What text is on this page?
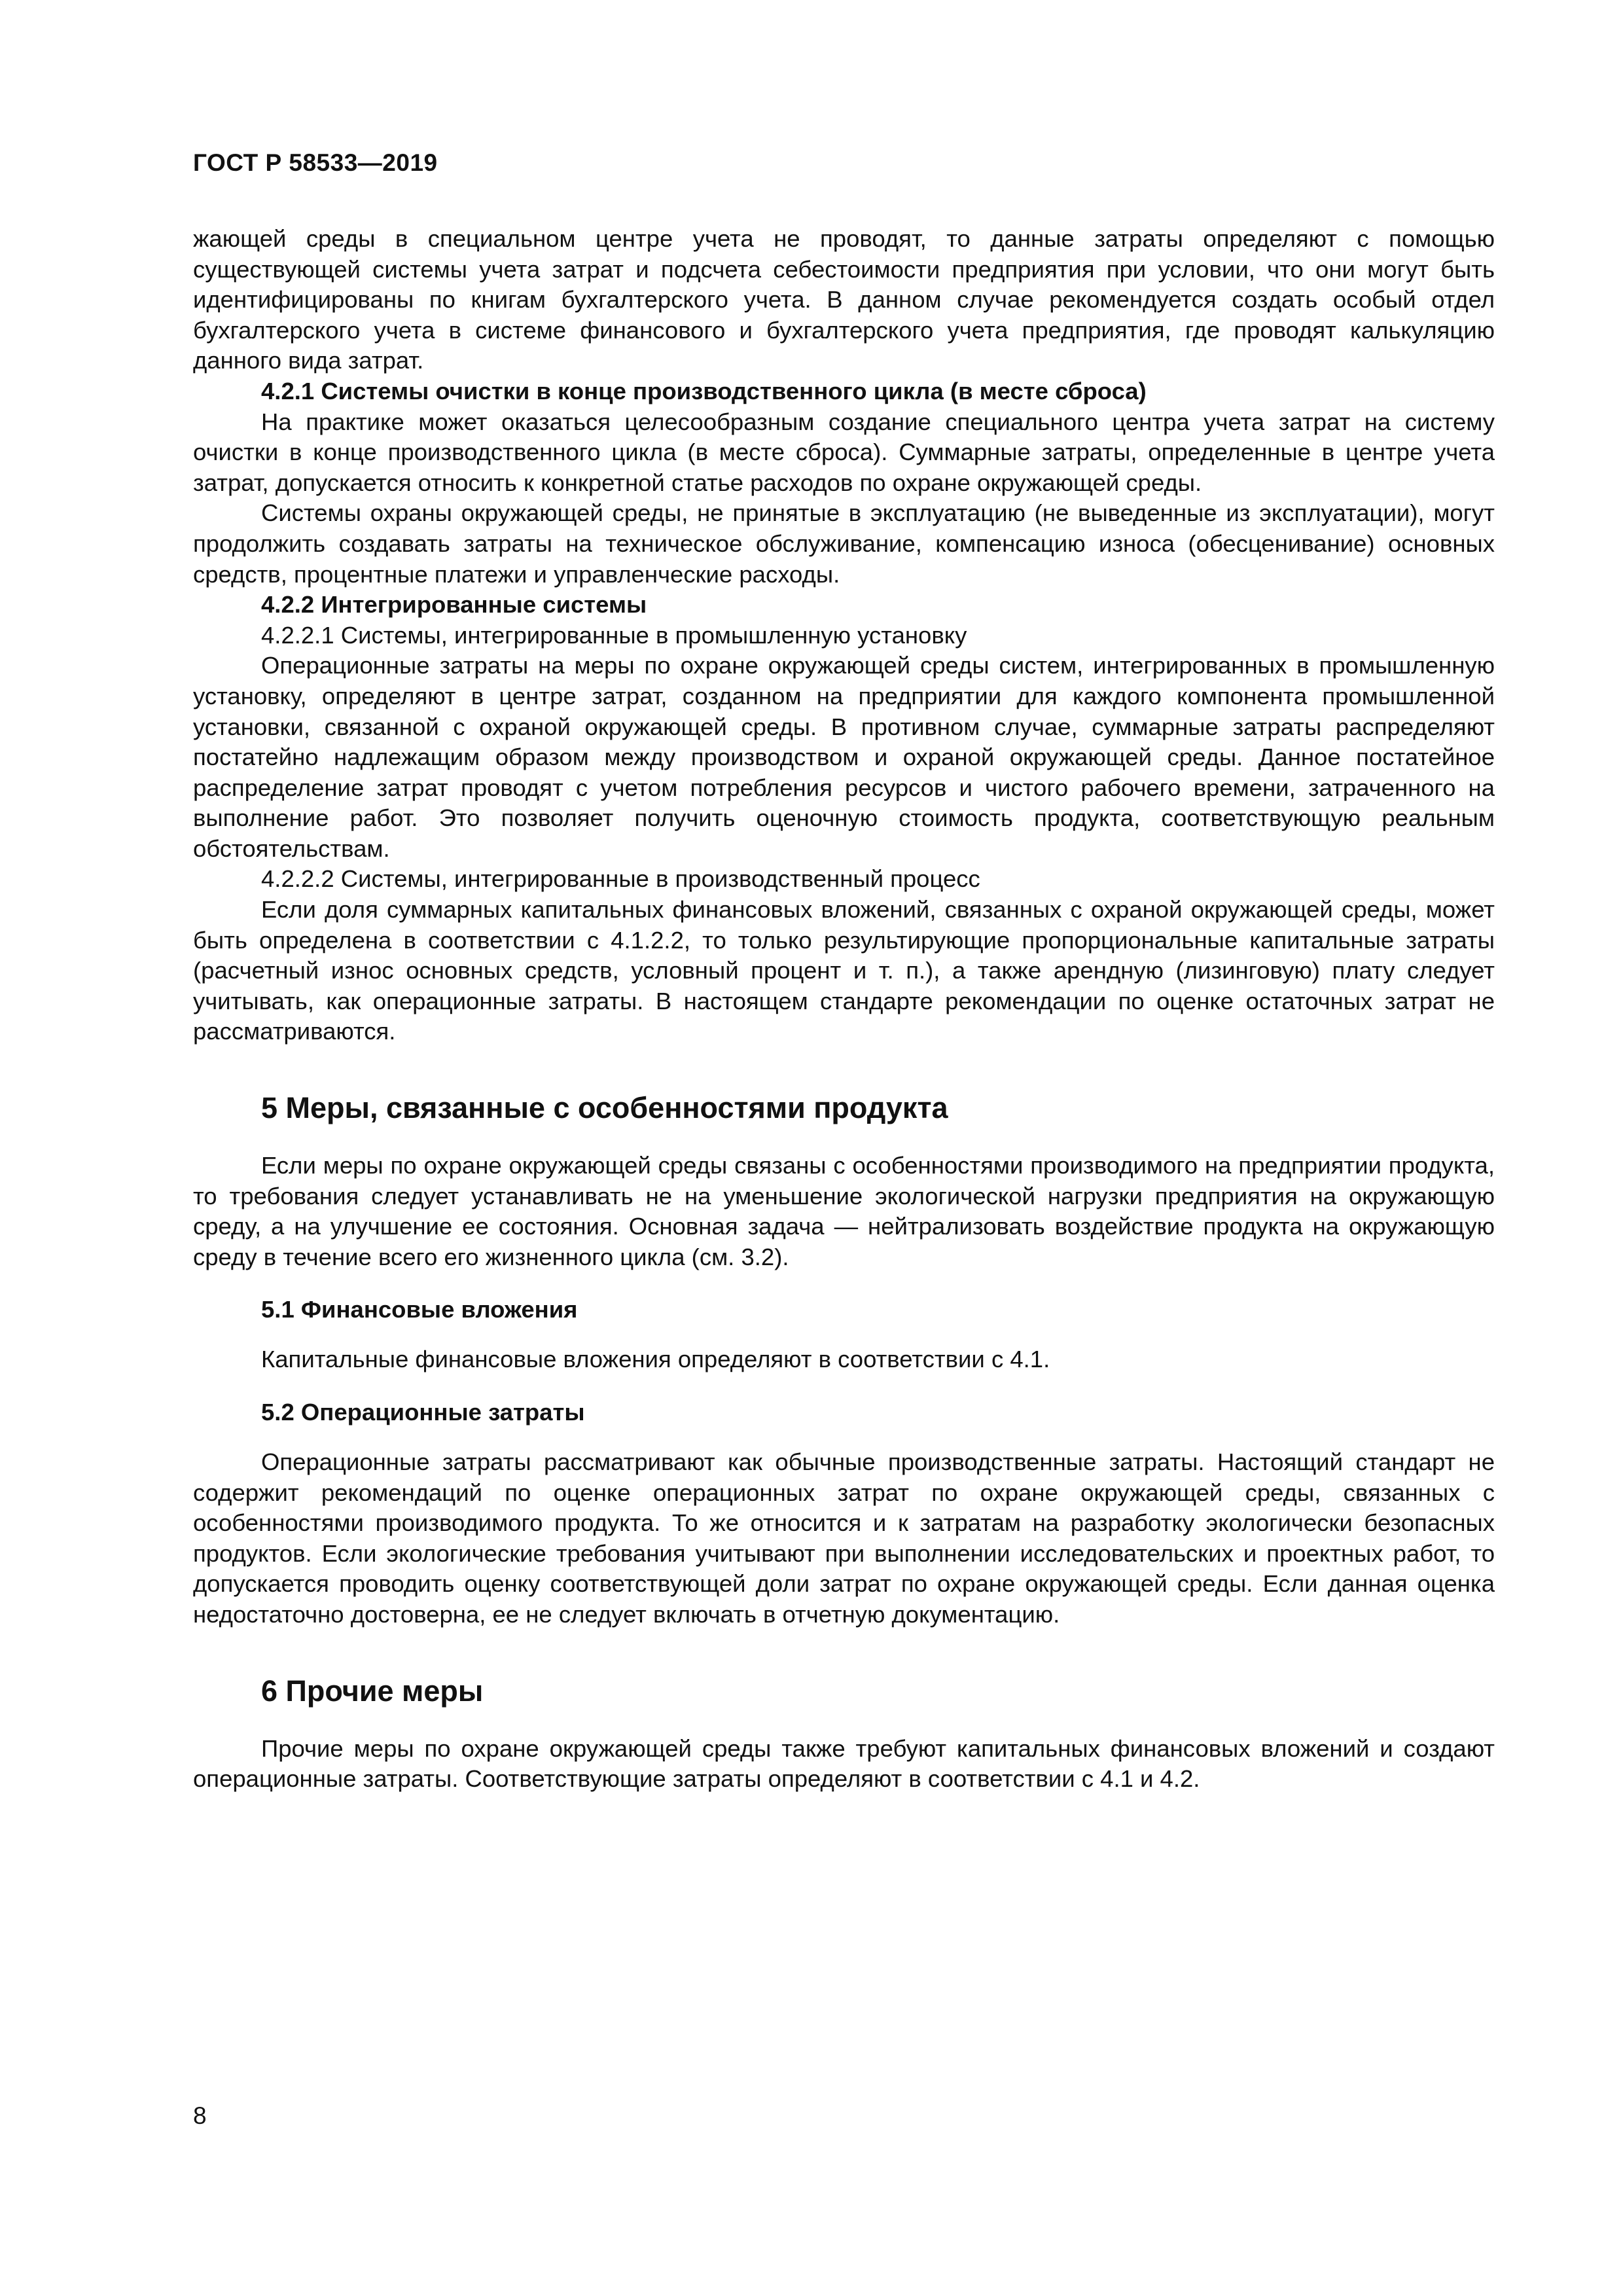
ГОСТ Р 58533—2019

жающей среды в специальном центре учета не проводят, то данные затраты определяют с помощью существующей системы учета затрат и подсчета себестоимости предприятия при условии, что они могут быть идентифицированы по книгам бухгалтерского учета. В данном случае рекомендуется создать особый отдел бухгалтерского учета в системе финансового и бухгалтерского учета предприятия, где проводят калькуляцию данного вида затрат.

4.2.1 Системы очистки в конце производственного цикла (в месте сброса)

На практике может оказаться целесообразным создание специального центра учета затрат на систему очистки в конце производственного цикла (в месте сброса). Суммарные затраты, определенные в центре учета затрат, допускается относить к конкретной статье расходов по охране окружающей среды.

Системы охраны окружающей среды, не принятые в эксплуатацию (не выведенные из эксплуатации), могут продолжить создавать затраты на техническое обслуживание, компенсацию износа (обесценивание) основных средств, процентные платежи и управленческие расходы.

4.2.2 Интегрированные системы
4.2.2.1 Системы, интегрированные в промышленную установку

Операционные затраты на меры по охране окружающей среды систем, интегрированных в промышленную установку, определяют в центре затрат, созданном на предприятии для каждого компонента промышленной установки, связанной с охраной окружающей среды. В противном случае, суммарные затраты распределяют постатейно надлежащим образом между производством и охраной окружающей среды. Данное постатейное распределение затрат проводят с учетом потребления ресурсов и чистого рабочего времени, затраченного на выполнение работ. Это позволяет получить оценочную стоимость продукта, соответствующую реальным обстоятельствам.

4.2.2.2 Системы, интегрированные в производственный процесс

Если доля суммарных капитальных финансовых вложений, связанных с охраной окружающей среды, может быть определена в соответствии с 4.1.2.2, то только результирующие пропорциональные капитальные затраты (расчетный износ основных средств, условный процент и т. п.), а также арендную (лизинговую) плату следует учитывать, как операционные затраты. В настоящем стандарте рекомендации по оценке остаточных затрат не рассматриваются.

5 Меры, связанные с особенностями продукта

Если меры по охране окружающей среды связаны с особенностями производимого на предприятии продукта, то требования следует устанавливать не на уменьшение экологической нагрузки предприятия на окружающую среду, а на улучшение ее состояния. Основная задача — нейтрализовать воздействие продукта на окружающую среду в течение всего его жизненного цикла (см. 3.2).

5.1 Финансовые вложения

Капитальные финансовые вложения определяют в соответствии с 4.1.

5.2 Операционные затраты

Операционные затраты рассматривают как обычные производственные затраты. Настоящий стандарт не содержит рекомендаций по оценке операционных затрат по охране окружающей среды, связанных с особенностями производимого продукта. То же относится и к затратам на разработку экологически безопасных продуктов. Если экологические требования учитывают при выполнении исследовательских и проектных работ, то допускается проводить оценку соответствующей доли затрат по охране окружающей среды. Если данная оценка недостаточно достоверна, ее не следует включать в отчетную документацию.

6 Прочие меры

Прочие меры по охране окружающей среды также требуют капитальных финансовых вложений и создают операционные затраты. Соответствующие затраты определяют в соответствии с 4.1 и 4.2.

8
